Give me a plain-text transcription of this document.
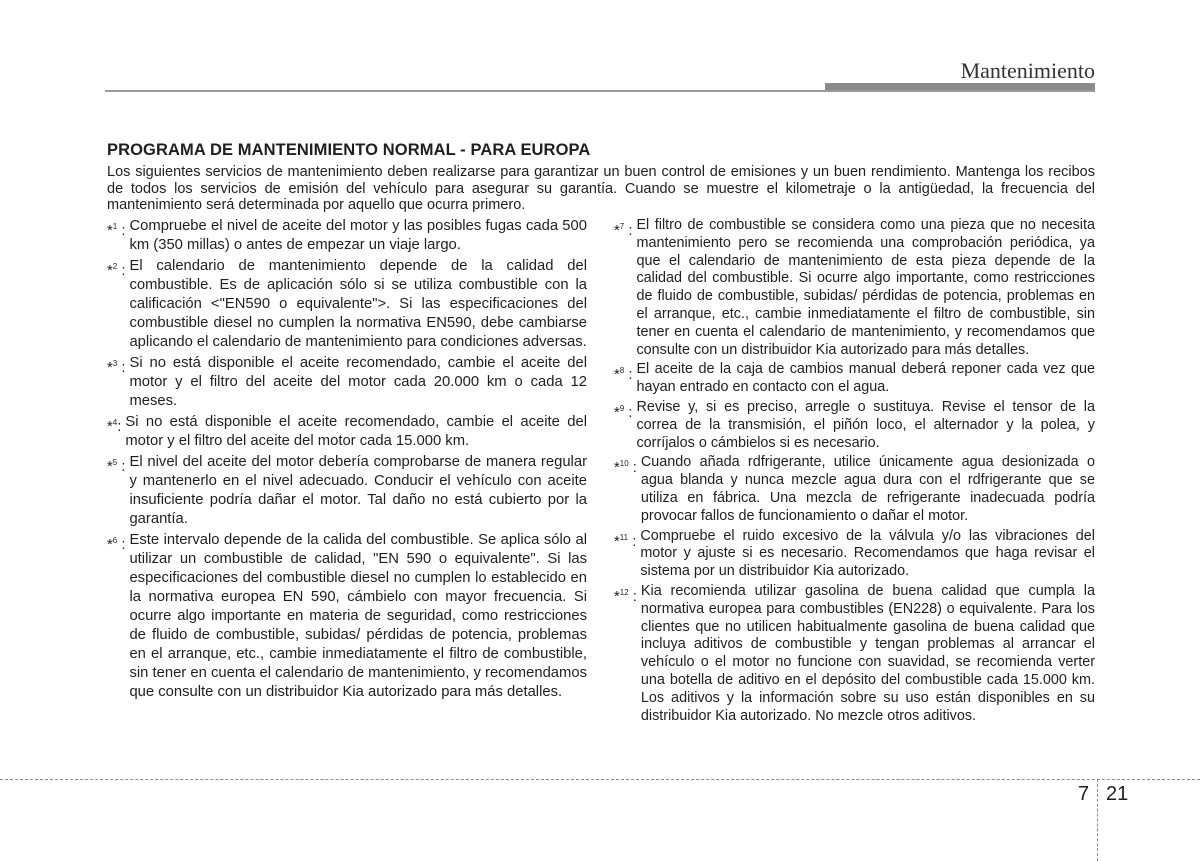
Mantenimiento
PROGRAMA DE MANTENIMIENTO NORMAL - PARA EUROPA

Los siguientes servicios de mantenimiento deben realizarse para garantizar un buen control de emisiones y un buen rendimiento. Mantenga los recibos de todos los servicios de emisión del vehículo para asegurar su garantía. Cuando se muestre el kilometraje o la antigüedad, la frecuencia del mantenimiento será determinada por aquello que ocurra primero.

*$^1$ : Compruebe el nivel de aceite del motor y las posibles fugas cada 500 km (350 millas) o antes de empezar un viaje largo.
*$^2$ : El calendario de mantenimiento depende de la calidad del combustible. Es de aplicación sólo si se utiliza combustible con la calificación <"EN590 o equivalente">. Si las especificaciones del combustible diesel no cumplen la normativa EN590, debe cambiarse aplicando el calendario de mantenimiento para condiciones adversas.
*$^3$ : Si no está disponible el aceite recomendado, cambie el aceite del motor y el filtro del aceite del motor cada 20.000 km o cada 12 meses.
*$^4$: Si no está disponible el aceite recomendado, cambie el aceite del motor y el filtro del aceite del motor cada 15.000 km.
*$^5$ : El nivel del aceite del motor debería comprobarse de manera regular y mantenerlo en el nivel adecuado. Conducir el vehículo con aceite insuficiente podría dañar el motor. Tal daño no está cubierto por la garantía.
*$^6$ : Este intervalo depende de la calida del combustible. Se aplica sólo al utilizar un combustible de calidad, "EN 590 o equivalente". Si las especificaciones del combustible diesel no cumplen lo establecido en la normativa europea EN 590, cámbielo con mayor frecuencia. Si ocurre algo importante en materia de seguridad, como restricciones de fluido de combustible, subidas/ pérdidas de potencia, problemas en el arranque, etc., cambie inmediatamente el filtro de combustible, sin tener en cuenta el calendario de mantenimiento, y recomendamos que consulte con un distribuidor Kia autorizado para más detalles.
*$^7$ : El filtro de combustible se considera como una pieza que no necesita mantenimiento pero se recomienda una comprobación periódica, ya que el calendario de mantenimiento de esta pieza depende de la calidad del combustible. Si ocurre algo importante, como restricciones de fluido de combustible, subidas/ pérdidas de potencia, problemas en el arranque, etc., cambie inmediatamente el filtro de combustible, sin tener en cuenta el calendario de mantenimiento, y recomendamos que consulte con un distribuidor Kia autorizado para más detalles.
*$^8$ : El aceite de la caja de cambios manual deberá reponer cada vez que hayan entrado en contacto con el agua.
*$^9$ : Revise y, si es preciso, arregle o sustituya. Revise el tensor de la correa de la transmisión, el piñón loco, el alternador y la polea, y corríjalos o cámbielos si es necesario.
*$^{10}$ : Cuando añada rdfrigerante, utilice únicamente agua desionizada o agua blanda y nunca mezcle agua dura con el rdfrigerante que se utiliza en fábrica. Una mezcla de refrigerante inadecuada podría provocar fallos de funcionamiento o dañar el motor.
*$^{11}$ : Compruebe el ruido excesivo de la válvula y/o las vibraciones del motor y ajuste si es necesario. Recomendamos que haga revisar el sistema por un distribuidor Kia autorizado.
*$^{12}$ : Kia recomienda utilizar gasolina de buena calidad que cumpla la normativa europea para combustibles (EN228) o equivalente. Para los clientes que no utilicen habitualmente gasolina de buena calidad que incluya aditivos de combustible y tengan problemas al arrancar el vehículo o el motor no funcione con suavidad, se recomienda verter una botella de aditivo en el depósito del combustible cada 15.000 km. Los aditivos y la información sobre su uso están disponibles en su distribuidor Kia autorizado. No mezcle otros aditivos.
7 21
